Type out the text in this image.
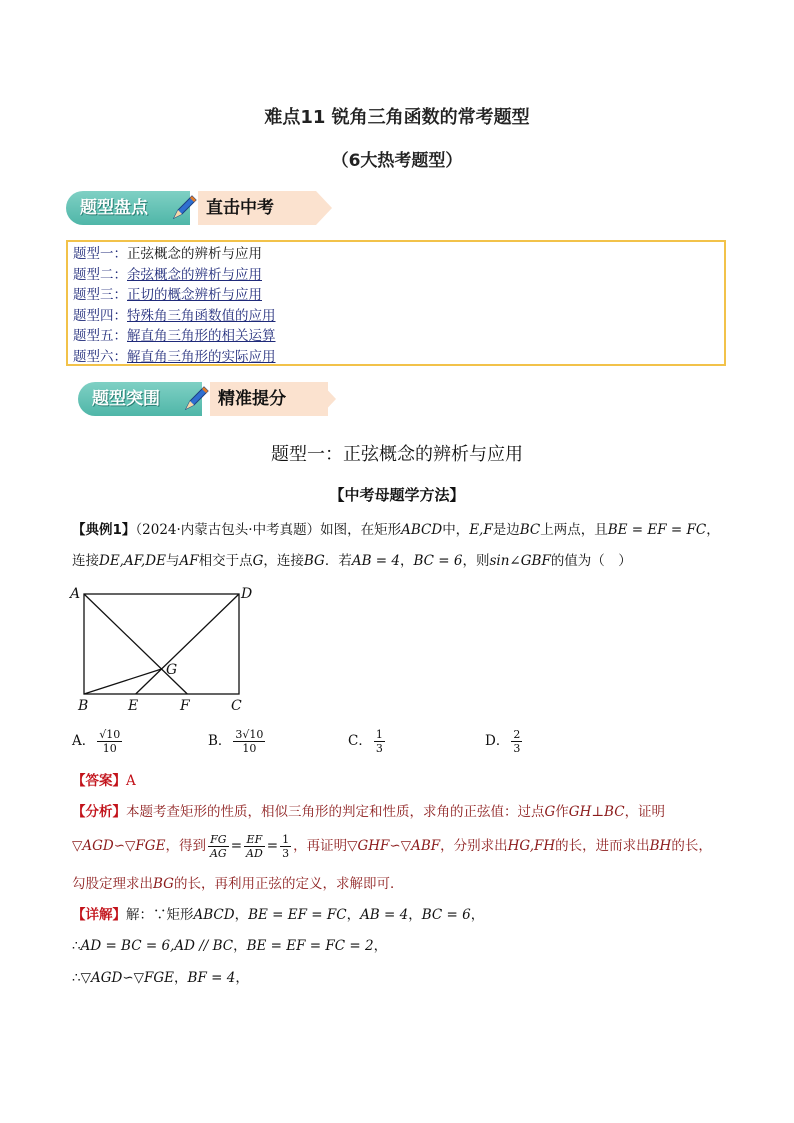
难点11 锐角三角函数的常考题型
（6大热考题型）
题型盘点	直击中考
题型一：正弦概念的辨析与应用
题型二：余弦概念的辨析与应用
题型三：正切的概念辨析与应用
题型四：特殊角三角函数值的应用
题型五：解直角三角形的相关运算
题型六：解直角三角形的实际应用
题型突围	精准提分
题型一：正弦概念的辨析与应用
【中考母题学方法】
【典例1】（2024·内蒙古包头·中考真题）如图，在矩形ABCD中，E,F是边BC上两点，且BE = EF = FC，
连接DE,AF,DE与AF相交于点G，连接BG．若AB = 4，BC = 6，则sin∠GBF的值为（　）
A	D
B	E	F	C
G
A． $\frac{√10}{10}$	B． $\frac{3√10}{10}$	C． $\frac{1}{3}$	D． $\frac{2}{3}$
【答案】A
【分析】本题考查矩形的性质，相似三角形的判定和性质，求角的正弦值：过点G作GH⊥BC，证明
▽AGD∽▽FGE，得到 $\frac{FG}{AG} = \frac{EF}{AD} = \frac{1}{3}$ ，再证明▽GHF∽▽ABF，分别求出HG,FH的长，进而求出BH的长，
勾股定理求出BG的长，再利用正弦的定义，求解即可．
【详解】解：∵矩形ABCD，BE = EF = FC，AB = 4，BC = 6，
∴AD = BC = 6,AD // BC，BE = EF = FC = 2，
∴▽AGD∽▽FGE，BF = 4，
